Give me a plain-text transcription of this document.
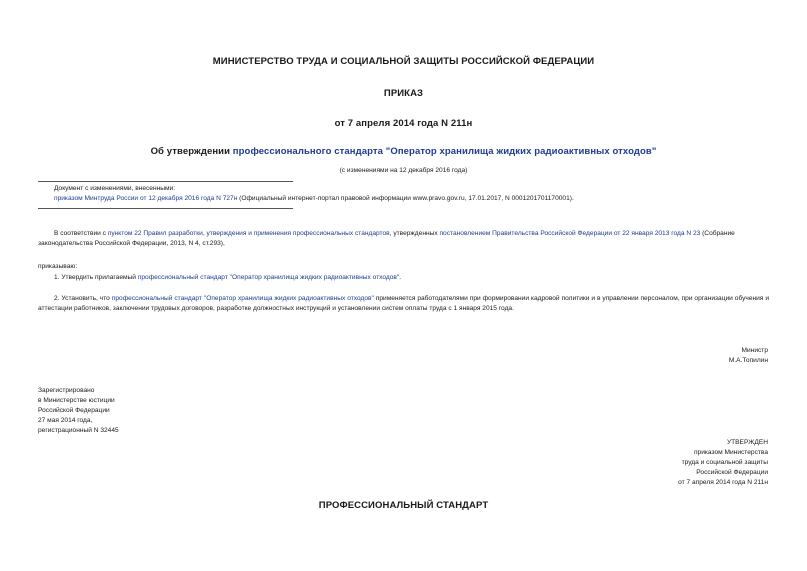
МИНИСТЕРСТВО ТРУДА И СОЦИАЛЬНОЙ ЗАЩИТЫ РОССИЙСКОЙ ФЕДЕРАЦИИ
ПРИКАЗ
от 7 апреля 2014 года N 211н
Об утверждении профессионального стандарта "Оператор хранилища жидких радиоактивных отходов"
(с изменениями на 12 декабря 2016 года)
Документ с изменениями, внесенными:
приказом Минтруда России от 12 декабря 2016 года N 727н (Официальный интернет-портал правовой информации www.pravo.gov.ru, 17.01.2017, N 0001201701170001).
В соответствии с пунктом 22 Правил разработки, утверждения и применения профессиональных стандартов, утвержденных постановлением Правительства Российской Федерации от 22 января 2013 года N 23 (Собрание законодательства Российской Федерации, 2013, N 4, ст.293),
приказываю:
1. Утвердить прилагаемый профессиональный стандарт "Оператор хранилища жидких радиоактивных отходов".
2. Установить, что профессиональный стандарт "Оператор хранилища жидких радиоактивных отходов" применяется работодателями при формировании кадровой политики и в управлении персоналом, при организации обучения и аттестации работников, заключении трудовых договоров, разработке должностных инструкций и установлении систем оплаты труда с 1 января 2015 года.
Министр
М.А.Топилин
Зарегистрировано
в Министерстве юстиции
Российской Федерации
27 мая 2014 года,
регистрационный N 32445
УТВЕРЖДЕН
приказом Министерства
труда и социальной защиты
Российской Федерации
от 7 апреля 2014 года N 211н
ПРОФЕССИОНАЛЬНЫЙ СТАНДАРТ
